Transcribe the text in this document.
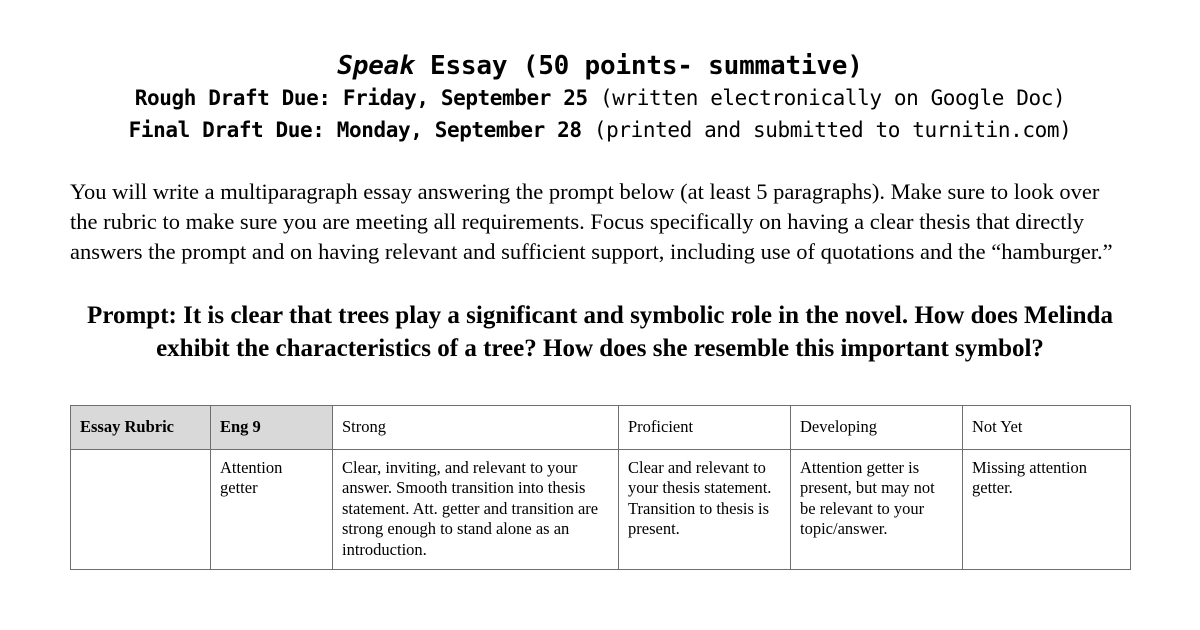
Speak Essay (50 points- summative)

Rough Draft Due: Friday, September 25 (written electronically on Google Doc)

Final Draft Due: Monday, September 28 (printed and submitted to turnitin.com)

You will write a multiparagraph essay answering the prompt below (at least 5 paragraphs). Make sure to look over the rubric to make sure you are meeting all requirements. Focus specifically on having a clear thesis that directly answers the prompt and on having relevant and sufficient support, including use of quotations and the “hamburger.”

Prompt: It is clear that trees play a significant and symbolic role in the novel. How does Melinda exhibit the characteristics of a tree? How does she resemble this important symbol?

Essay Rubric	Eng 9	Strong	Proficient	Developing	Not Yet
	Attention getter	Clear, inviting, and relevant to your answer. Smooth transition into thesis statement. Att. getter and transition are strong enough to stand alone as an introduction.	Clear and relevant to your thesis statement. Transition to thesis is present.	Attention getter is present, but may not be relevant to your topic/answer.	Missing attention getter.
